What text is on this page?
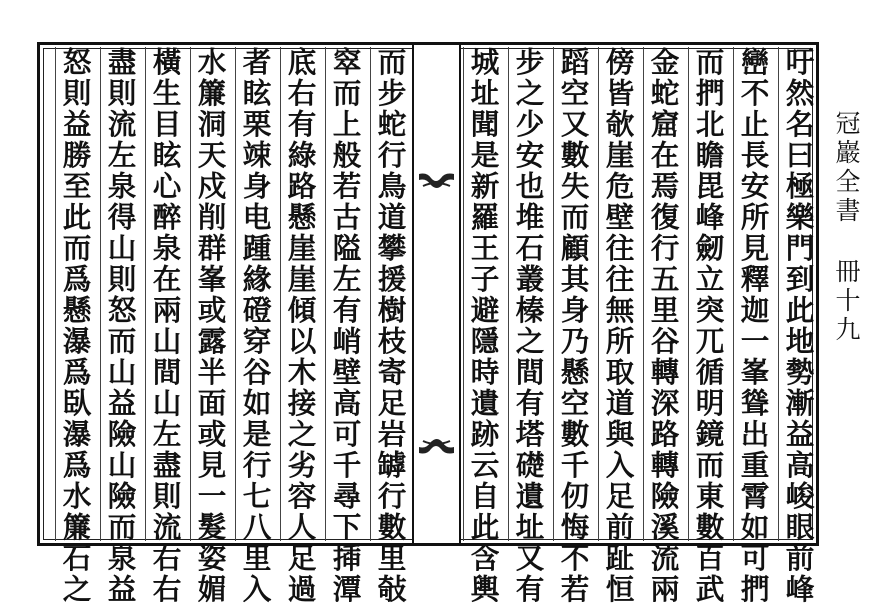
吁然名曰極樂門到此地勢漸益高峻眼前峰
巒不止長安所見釋迦一峯聳出重霄如可捫
而捫北瞻毘峰劒立突兀循明鏡而東數百武
金蛇窟在焉復行五里谷轉深路轉險溪流兩
傍皆欹崖危壁往往無所取道與入足前趾恒
蹈空又數失而顧其身乃懸空數千仞悔不若
步之少安也堆石叢榛之間有塔礎遺址又有
城址聞是新羅王子避隱時遺跡云自此含輿
而步蛇行鳥道攀援樹枝寄足岩罅行數里敧
窣而上般若古隘左有峭壁高可千尋下揷潭
底右有綠路懸崖崖傾以木接之劣容人足過
者眩栗竦身电踵緣磴穿谷如是行七八里入
水簾洞天戍削群峯或露半面或見一髮姿媚
橫生目眩心醉泉在兩山間山左盡則流右右
盡則流左泉得山則怒而山益險山險而泉益
怒則益勝至此而爲懸瀑爲臥瀑爲水簾石之	冠巖全書
冊十九
